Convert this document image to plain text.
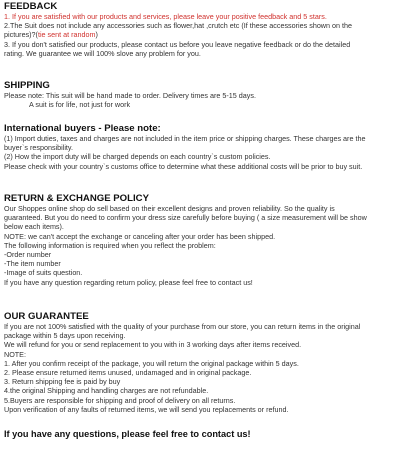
FEEDBACK
1. If you are satisfied with our products and services, please leave your positive feedback and 5 stars.
2.The Suit does not include any accessories such as flower,hat ,crutch etc (If these accessories shown on the
pictures)?(tie sent at random)
3. If you don't satisfied our products, please contact us before you leave negative feedback or do the detailed
rating. We guarantee we will 100% slove any problem for you.
SHIPPING
Please note: This suit will be hand made to order. Delivery times are 5-15 days.
A suit is for life, not just for work
International buyers - Please note:
(1) Import duties, taxes and charges are not included in the item price or shipping charges. These charges are the
buyer`s responsibility.
(2) How the import duty will be charged depends on each country`s custom policies.
Please check with your country`s customs office to determine what these additional costs will be prior to buy suit.
RETURN & EXCHANGE POLICY
Our Shoppes online shop do sell based on their excellent designs and proven reliability. So the quality is
guaranteed. But you do need to confirm your dress size carefully before buying ( a size measurement will be show
below each items).
NOTE: we can't accept the exchange or canceling after your order has been shipped.
The following information is required when you reflect the problem:
-Order number
-The item number
-Image of suits question.
If you have any question regarding return policy, please feel free to contact us!
OUR GUARANTEE
If you are not 100% satisfied with the quality of your purchase from our store, you can return items in the original
package within 5 days upon receiving.
We will refund for you or send replacement to you with in 3 working days after items received.
NOTE:
1. After you confirm receipt of the package, you will return the original package within 5 days.
2. Please ensure returned items unused, undamaged and in original package.
3. Return shipping fee is paid by buy
4.the original Shipping and handling charges are not refundable.
5.Buyers are responsible for shipping and proof of delivery on all returns.
Upon verification of any faults of returned items, we will send you replacements or refund.
If you have any questions, please feel free to contact us!
